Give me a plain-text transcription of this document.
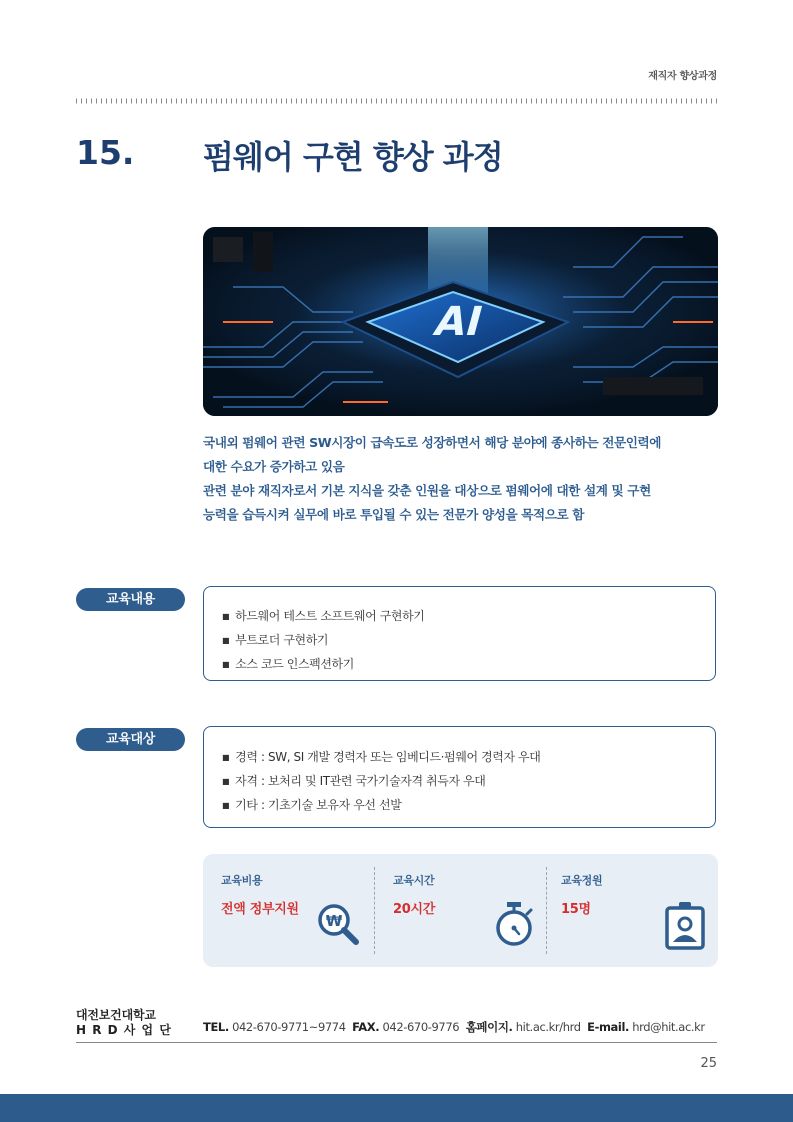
재직자 향상과정
15. 펌웨어 구현 향상 과정
AI
국내외 펌웨어 관련 SW시장이 급속도로 성장하면서 해당 분야에 종사하는 전문인력에
대한 수요가 증가하고 있음
관련 분야 재직자로서 기본 지식을 갖춘 인원을 대상으로 펌웨어에 대한 설계 및 구현
능력을 습득시켜 실무에 바로 투입될 수 있는 전문가 양성을 목적으로 함
교육내용
■ 하드웨어 테스트 소프트웨어 구현하기
■ 부트로더 구현하기
■ 소스 코드 인스펙션하기
교육대상
■ 경력 : SW, SI 개발 경력자 또는 임베디드·펌웨어 경력자 우대
■ 자격 : 보처리 및 IT관련 국가기술자격 취득자 우대
■ 기타 : 기초기술 보유자 우선 선발
교육비용
전액 정부지원
₩
교육시간
20시간
교육정원
15명
대전보건대학교
H R D 사 업 단	TEL. 042-670-9771~9774 FAX. 042-670-9776 홈페이지. hit.ac.kr/hrd E-mail. hrd@hit.ac.kr
25
